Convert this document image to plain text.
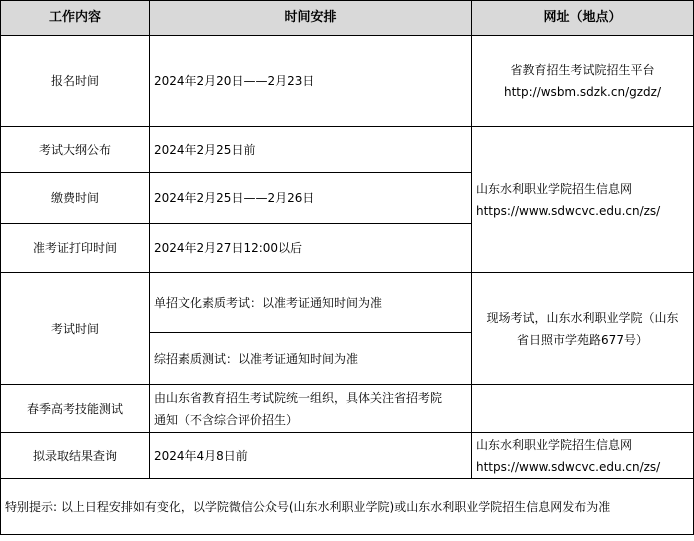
工作内容	时间安排	网址（地点）
报名时间	2024年2月20日——2月23日	省教育招生考试院招生平台
http://wsbm.sdzk.cn/gzdz/

考试大纲公布	2024年2月25日前	山东水利职业学院招生信息网
https://www.sdwcvc.edu.cn/zs/

缴费时间	2024年2月25日——2月26日	
准考证打印时间	2024年2月27日12:00以后	
考试时间	单招文化素质考试：以准考证通知时间为准	现场考试，山东水利职业学院（山东
省日照市学苑路677号）

	综招素质测试：以准考证通知时间为准	
春季高考技能测试	由山东省教育招生考试院统一组织，具体关注省招考院
通知（不含综合评价招生）	

拟录取结果查询	2024年4月8日前	山东水利职业学院招生信息网
https://www.sdwcvc.edu.cn/zs/

特别提示: 以上日程安排如有变化，以学院微信公众号(山东水利职业学院)或山东水利职业学院招生信息网发布为准		
